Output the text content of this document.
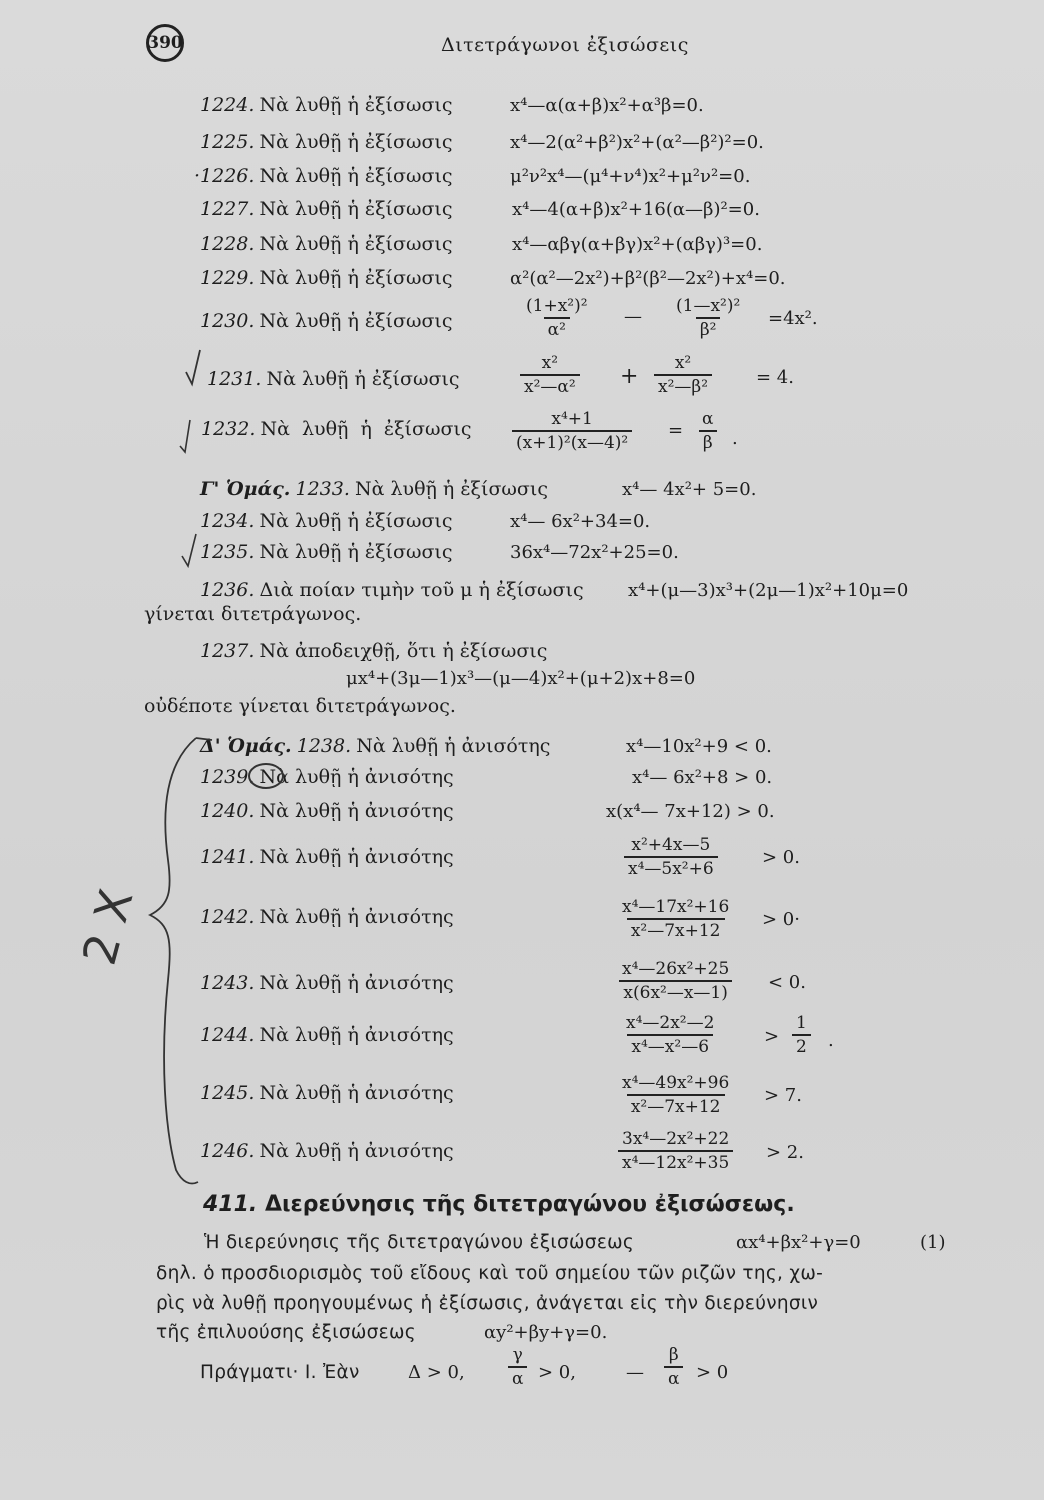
390	Διτετράγωνοι ἐξισώσεις
1224. Νὰ λυθῇ ἡ ἐξίσωσις	x⁴—α(α+β)x²+α³β=0.
1225. Νὰ λυθῇ ἡ ἐξίσωσις	x⁴—2(α²+β²)x²+(α²—β²)²=0.
·1226. Νὰ λυθῇ ἡ ἐξίσωσις	μ²ν²x⁴—(μ⁴+ν⁴)x²+μ²ν²=0.
1227. Νὰ λυθῇ ἡ ἐξίσωσις	x⁴—4(α+β)x²+16(α—β)²=0.
1228. Νὰ λυθῇ ἡ ἐξίσωσις	x⁴—αβγ(α+βγ)x²+(αβγ)³=0.
1229. Νὰ λυθῇ ἡ ἐξίσωσις	α²(α²—2x²)+β²(β²—2x²)+x⁴=0.
1230. Νὰ λυθῇ ἡ ἐξίσωσις	$\frac{\text{(1+x²)²}}{\text{α²}}$ — $\frac{\text{(1—x²)²}}{\text{β²}} =4x^2$.
1231. Νὰ λυθῇ ἡ ἐξίσωσις	$\frac{\text{x²}}{\text{x²—α²}} + \frac{\text{x²}}{\text{x²—β²}} = 4$.
1232. Νὰ λυθῇ ἡ ἐξίσωσις $\frac{\text{x⁴+1}}{\text{(x+1)²(x—4)²}} = \frac{\alpha}{\beta}$ .
Γ' Ὁμάς. 1233. Νὰ λυθῇ ἡ ἐξίσωσις	x⁴— 4x²+ 5=0.
1234. Νὰ λυθῇ ἡ ἐξίσωσις	x⁴— 6x²+34=0.
1235. Νὰ λυθῇ ἡ ἐξίσωσις	36x⁴—72x²+25=0.
1236. Διὰ ποίαν τιμὴν τοῦ μ ἡ ἐξίσωσις x⁴+(μ—3)x³+(2μ—1)x²+10μ=0
γίνεται διτετράγωνος.
1237. Νὰ ἀποδειχθῇ, ὅτι ἡ ἐξίσωσις
μx⁴+(3μ—1)x³—(μ—4)x²+(μ+2)x+8=0
οὐδέποτε γίνεται διτετράγωνος.
Δ' Ὁμάς. 1238. Νὰ λυθῇ ἡ ἀνισότης	x⁴—10x²+9 < 0.
1239. Νὰ λυθῇ ἡ ἀνισότης	x⁴— 6x²+8 > 0.
1240. Νὰ λυθῇ ἡ ἀνισότης	x(x⁴— 7x+12) > 0.
1241. Νὰ λυθῇ ἡ ἀνισότης	$\frac{\text{x²+4x—5}}{\text{x⁴—5x²+6}} > 0$.
1242. Νὰ λυθῇ ἡ ἀνισότης	$\frac{\text{x⁴—17x²+16}}{\text{x²—7x+12}} > 0\cdot$
1243. Νὰ λυθῇ ἡ ἀνισότης	$\frac{\text{x⁴—26x²+25}}{\text{x(6x²—x—1)}} < 0$.
1244. Νὰ λυθῇ ἡ ἀνισότης	$\frac{\text{x⁴—2x²—2}}{\text{x⁴—x²—6}}$	> $\frac{1}{2}$ .
1245. Νὰ λυθῇ ἡ ἀνισότης	$\frac{\text{x⁴—49x²+96}}{\text{x²—7x+12}} > 7$.
1246. Νὰ λυθῇ ἡ ἀνισότης	$\frac{\text{3x⁴—2x²+22}}{\text{x⁴—12x²+35}} > 2$.
411. Διερεύνησις τῆς διτετραγώνου ἐξισώσεως.
Ἡ διερεύνησις τῆς διτετραγώνου ἐξισώσεως	αx⁴+βx²+γ=0	(1)
δηλ. ὁ προσδιορισμὸς τοῦ εἴδους καὶ τοῦ σημείου τῶν ριζῶν της, χω-
ρὶς νὰ λυθῇ προηγουμένως ἡ ἐξίσωσις, ἀνάγεται εἰς τὴν διερεύνησιν
τῆς ἐπιλυούσης ἐξισώσεως	αy²+βy+γ=0.
Πράγματι· Ι. Ἐὰν	Δ > 0,	$\frac{\gamma}{\alpha} > 0$,	— $\frac{\beta}{\alpha} > 0$
2 X
